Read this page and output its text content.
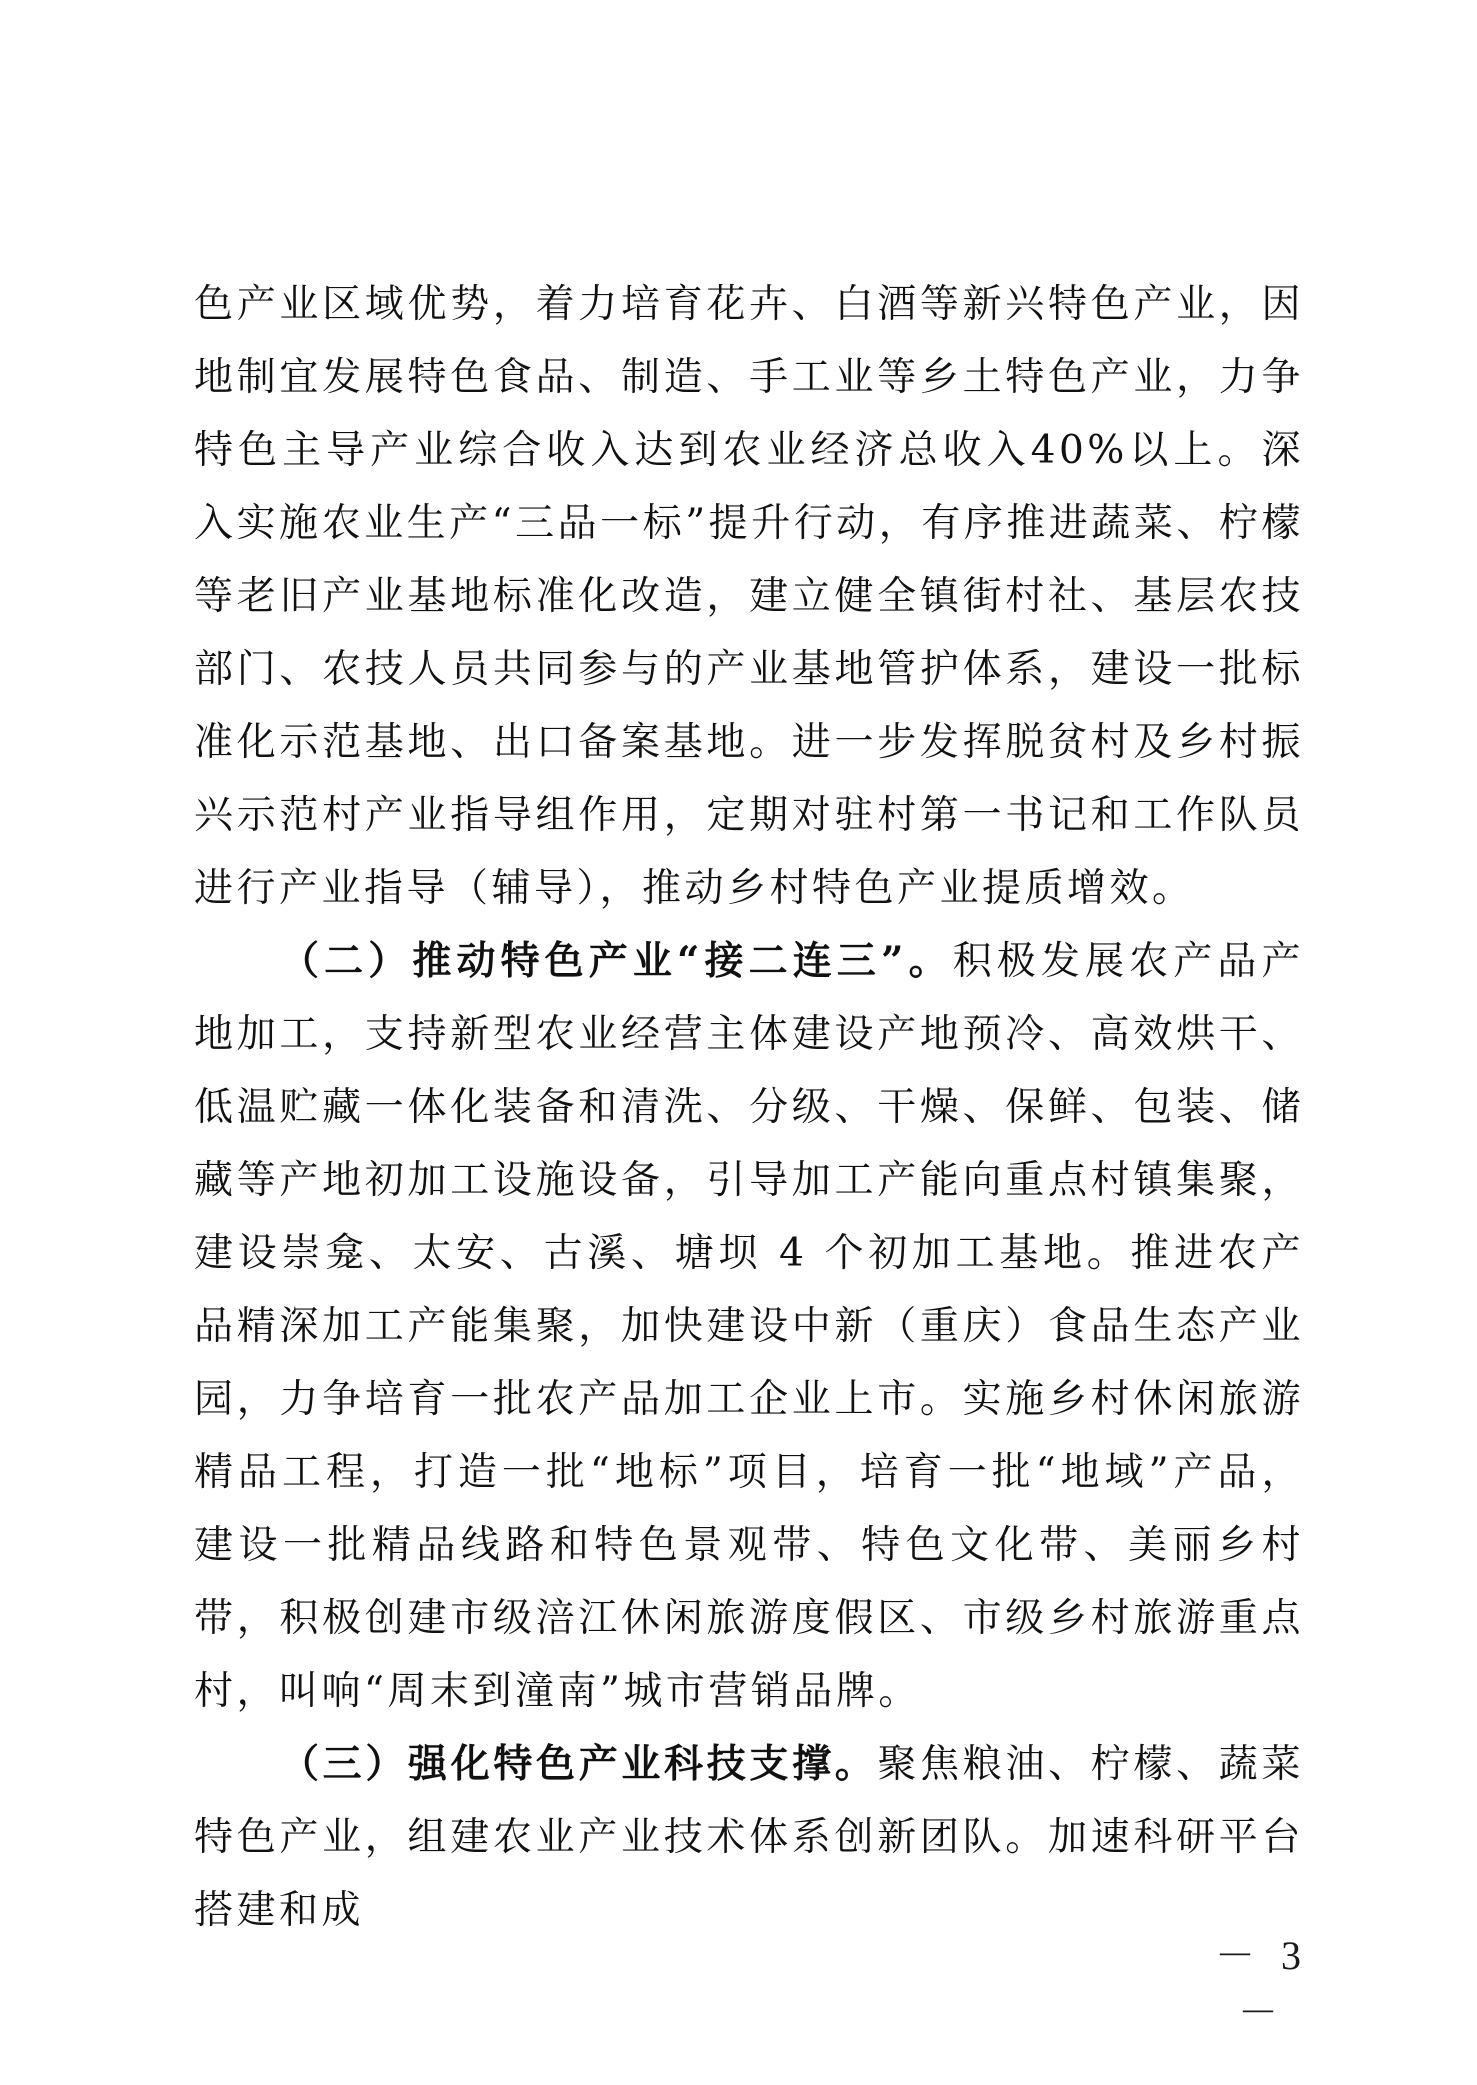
色产业区域优势，着力培育花卉、白酒等新兴特色产业，因地制宜发展特色食品、制造、手工业等乡土特色产业，力争特色主导产业综合收入达到农业经济总收入40%以上。深入实施农业生产“三品一标”提升行动，有序推进蔬菜、柠檬等老旧产业基地标准化改造，建立健全镇街村社、基层农技部门、农技人员共同参与的产业基地管护体系，建设一批标准化示范基地、出口备案基地。进一步发挥脱贫村及乡村振兴示范村产业指导组作用，定期对驻村第一书记和工作队员进行产业指导（辅导），推动乡村特色产业提质增效。

（二）推动特色产业“接二连三”。积极发展农产品产地加工，支持新型农业经营主体建设产地预冷、高效烘干、低温贮藏一体化装备和清洗、分级、干燥、保鲜、包装、储藏等产地初加工设施设备，引导加工产能向重点村镇集聚，建设崇龛、太安、古溪、塘坝 4 个初加工基地。推进农产品精深加工产能集聚，加快建设中新（重庆）食品生态产业园，力争培育一批农产品加工企业上市。实施乡村休闲旅游精品工程，打造一批“地标”项目，培育一批“地域”产品，建设一批精品线路和特色景观带、特色文化带、美丽乡村带，积极创建市级涪江休闲旅游度假区、市级乡村旅游重点村，叫响“周末到潼南”城市营销品牌。

（三）强化特色产业科技支撑。聚焦粮油、柠檬、蔬菜特色产业，组建农业产业技术体系创新团队。加速科研平台搭建和成

－ 3 －
